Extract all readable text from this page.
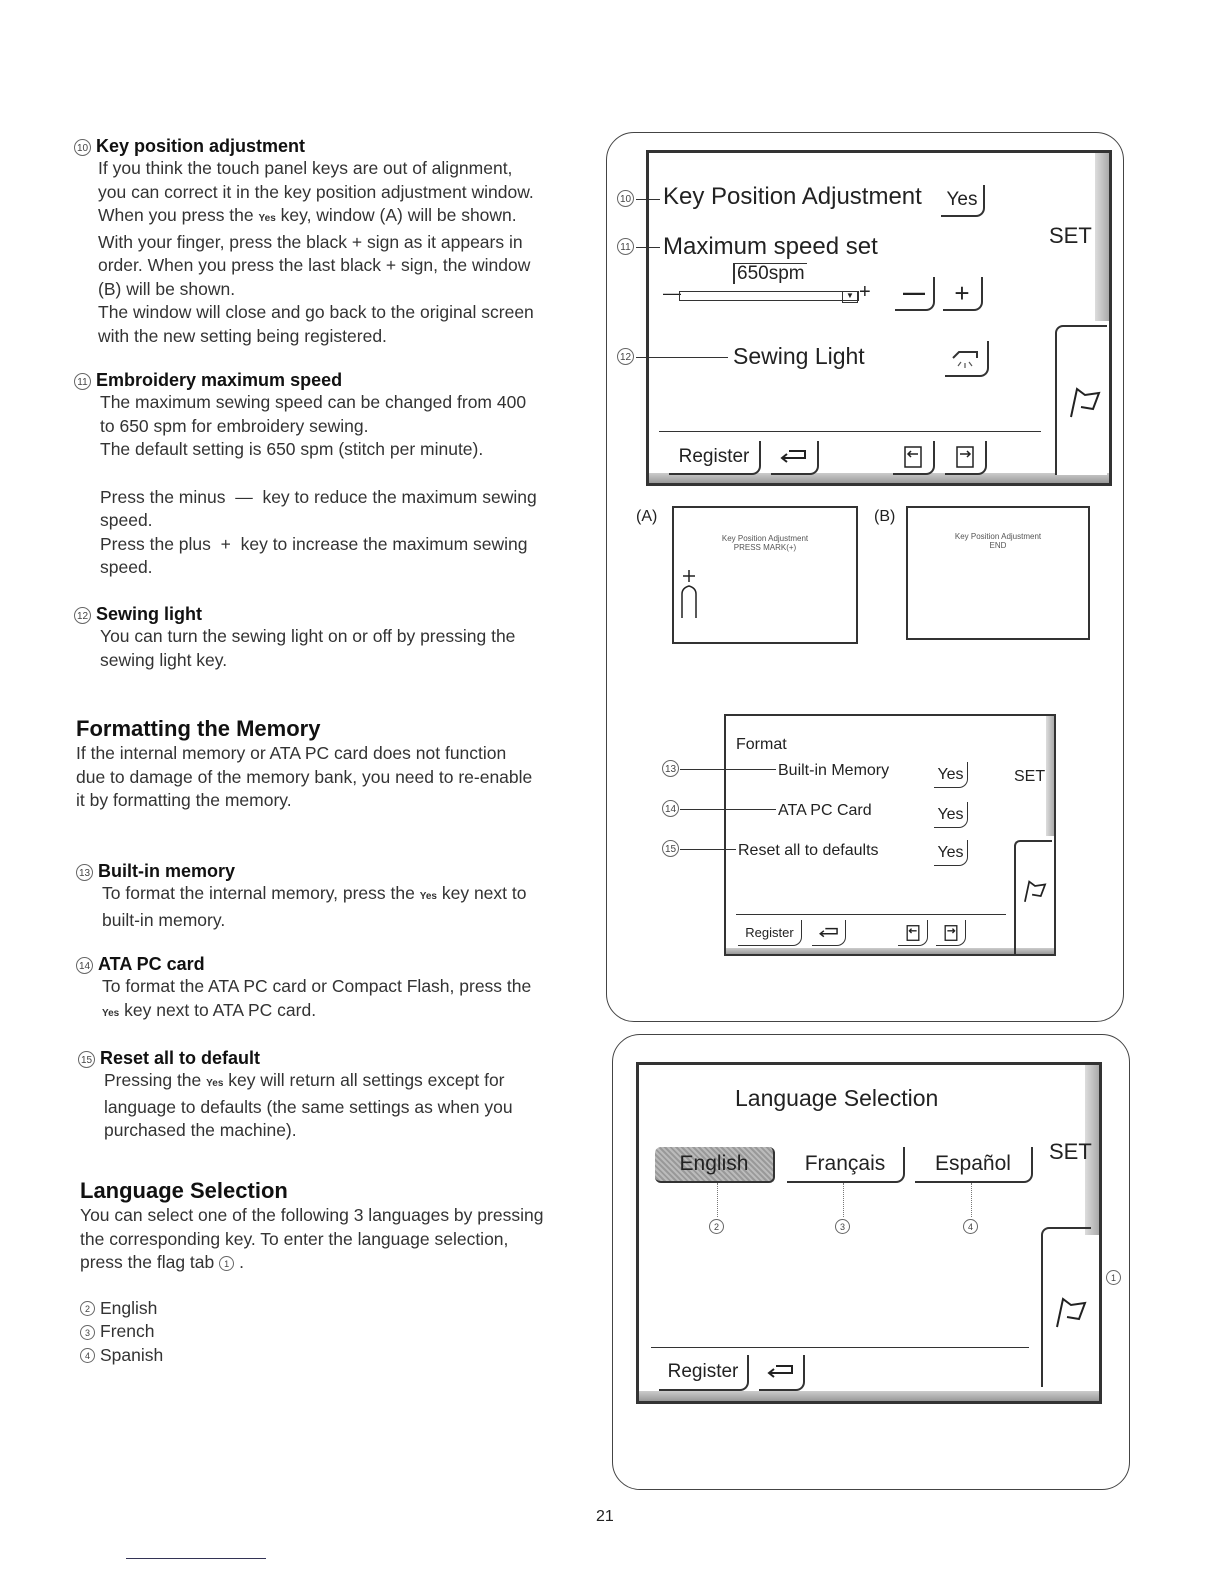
10 Key position adjustment
If you think the touch panel keys are out of alignment,
you can correct it in the key position adjustment window.
When you press the Yes key, window (A) will be shown.
With your finger, press the black + sign as it appears in
order. When you press the last black + sign, the window
(B) will be shown.
The window will close and go back to the original screen
with the new setting being registered.
11 Embroidery maximum speed
The maximum sewing speed can be changed from 400
to 650 spm for embroidery sewing.
The default setting is 650 spm (stitch per minute).
Press the minus — key to reduce the maximum sewing
speed.
Press the plus + key to increase the maximum sewing
speed.
12 Sewing light
You can turn the sewing light on or off by pressing the
sewing light key.
Formatting the Memory
If the internal memory or ATA PC card does not function
due to damage of the memory bank, you need to re-enable
it by formatting the memory.
13 Built-in memory
To format the internal memory, press the Yes key next to
built-in memory.
14 ATA PC card
To format the ATA PC card or Compact Flash, press the
Yes key next to ATA PC card.
15 Reset all to default
Pressing the Yes key will return all settings except for
language to defaults (the same settings as when you
purchased the machine).
Language Selection
You can select one of the following 3 languages by pressing
the corresponding key. To enter the language selection,
press the flag tab 1 .
2 English
3 French
4 Spanish
SET
Key Position Adjustment Yes
Maximum speed set
650spm
—	▼ +	—	+
Sewing Light
Register
10
11
12
(A)
Key Position Adjustment
PRESS MARK(+)
(B)
Key Position Adjustment
END
Format
Built-in Memory	Yes
ATA PC Card	Yes
Reset all to defaults	Yes
SET
Register
13
14
15
Language Selection
English	Français	Español	SET
Register
2	3	4
1
21
